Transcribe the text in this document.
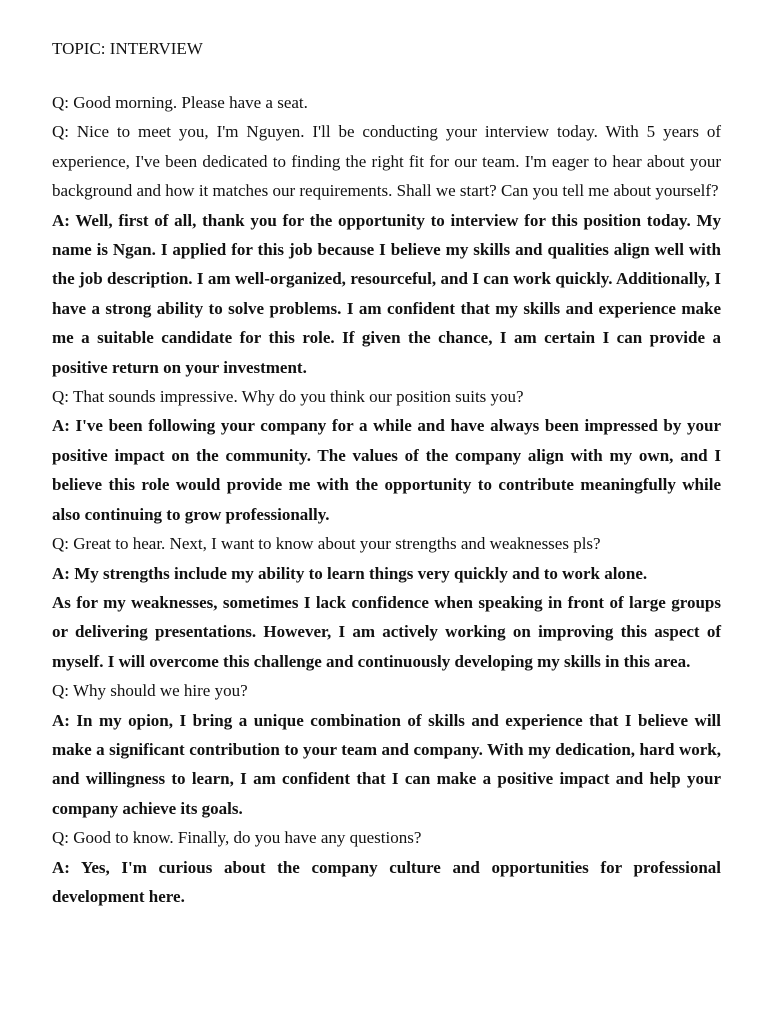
TOPIC: INTERVIEW

Q: Good morning. Please have a seat.

Q: Nice to meet you, I'm Nguyen. I'll be conducting your interview today. With 5 years of experience, I've been dedicated to finding the right fit for our team. I'm eager to hear about your background and how it matches our requirements. Shall we start? Can you tell me about yourself?

A: Well, first of all, thank you for the opportunity to interview for this position today. My name is Ngan. I applied for this job because I believe my skills and qualities align well with the job description. I am well-organized, resourceful, and I can work quickly. Additionally, I have a strong ability to solve problems. I am confident that my skills and experience make me a suitable candidate for this role. If given the chance, I am certain I can provide a positive return on your investment.

Q: That sounds impressive. Why do you think our position suits you?

A: I've been following your company for a while and have always been impressed by your positive impact on the community. The values of the company align with my own, and I believe this role would provide me with the opportunity to contribute meaningfully while also continuing to grow professionally.

Q: Great to hear. Next, I want to know about your strengths and weaknesses pls?

A: My strengths include my ability to learn things very quickly and to work alone.

As for my weaknesses, sometimes I lack confidence when speaking in front of large groups or delivering presentations. However, I am actively working on improving this aspect of myself. I will overcome this challenge and continuously developing my skills in this area.

Q: Why should we hire you?

A: In my opion, I bring a unique combination of skills and experience that I believe will make a significant contribution to your team and company. With my dedication, hard work, and willingness to learn, I am confident that I can make a positive impact and help your company achieve its goals.

Q: Good to know. Finally, do you have any questions?

A: Yes, I'm curious about the company culture and opportunities for professional development here.
